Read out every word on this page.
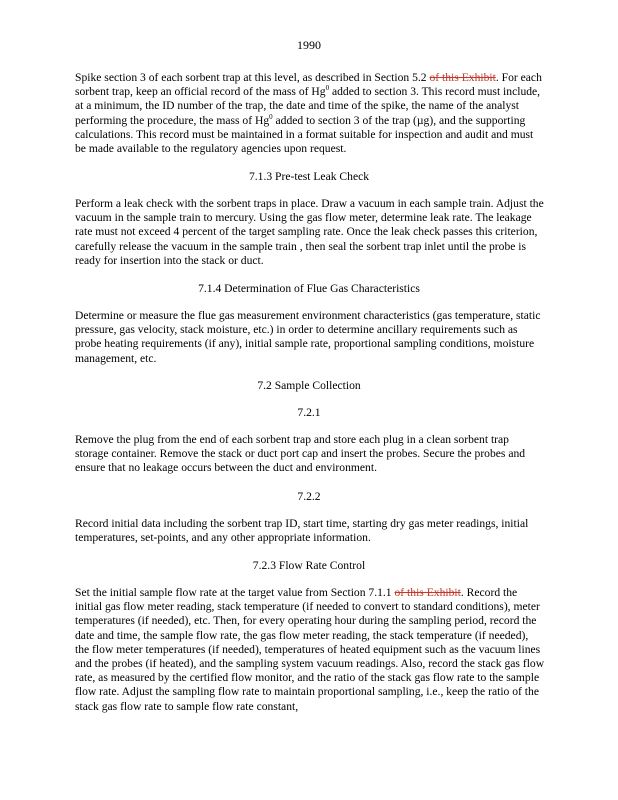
1990

Spike section 3 of each sorbent trap at this level, as described in Section 5.2 of this Exhibit. For each sorbent trap, keep an official record of the mass of Hg$^0$ added to section 3. This record must include, at a minimum, the ID number of the trap, the date and time of the spike, the name of the analyst performing the procedure, the mass of Hg$^0$ added to section 3 of the trap (µg), and the supporting calculations. This record must be maintained in a format suitable for inspection and audit and must be made available to the regulatory agencies upon request.

7.1.3 Pre-test Leak Check

Perform a leak check with the sorbent traps in place. Draw a vacuum in each sample train. Adjust the vacuum in the sample train to mercury. Using the gas flow meter, determine leak rate. The leakage rate must not exceed 4 percent of the target sampling rate. Once the leak check passes this criterion, carefully release the vacuum in the sample train , then seal the sorbent trap inlet until the probe is ready for insertion into the stack or duct.

7.1.4 Determination of Flue Gas Characteristics

Determine or measure the flue gas measurement environment characteristics (gas temperature, static pressure, gas velocity, stack moisture, etc.) in order to determine ancillary requirements such as probe heating requirements (if any), initial sample rate, proportional sampling conditions, moisture management, etc.

7.2 Sample Collection
7.2.1

Remove the plug from the end of each sorbent trap and store each plug in a clean sorbent trap storage container. Remove the stack or duct port cap and insert the probes. Secure the probes and ensure that no leakage occurs between the duct and environment.

7.2.2

Record initial data including the sorbent trap ID, start time, starting dry gas meter readings, initial temperatures, set-points, and any other appropriate information.

7.2.3 Flow Rate Control

Set the initial sample flow rate at the target value from Section 7.1.1 of this Exhibit. Record the initial gas flow meter reading, stack temperature (if needed to convert to standard conditions), meter temperatures (if needed), etc. Then, for every operating hour during the sampling period, record the date and time, the sample flow rate, the gas flow meter reading, the stack temperature (if needed), the flow meter temperatures (if needed), temperatures of heated equipment such as the vacuum lines and the probes (if heated), and the sampling system vacuum readings. Also, record the stack gas flow rate, as measured by the certified flow monitor, and the ratio of the stack gas flow rate to the sample flow rate. Adjust the sampling flow rate to maintain proportional sampling, i.e., keep the ratio of the stack gas flow rate to sample flow rate constant,
